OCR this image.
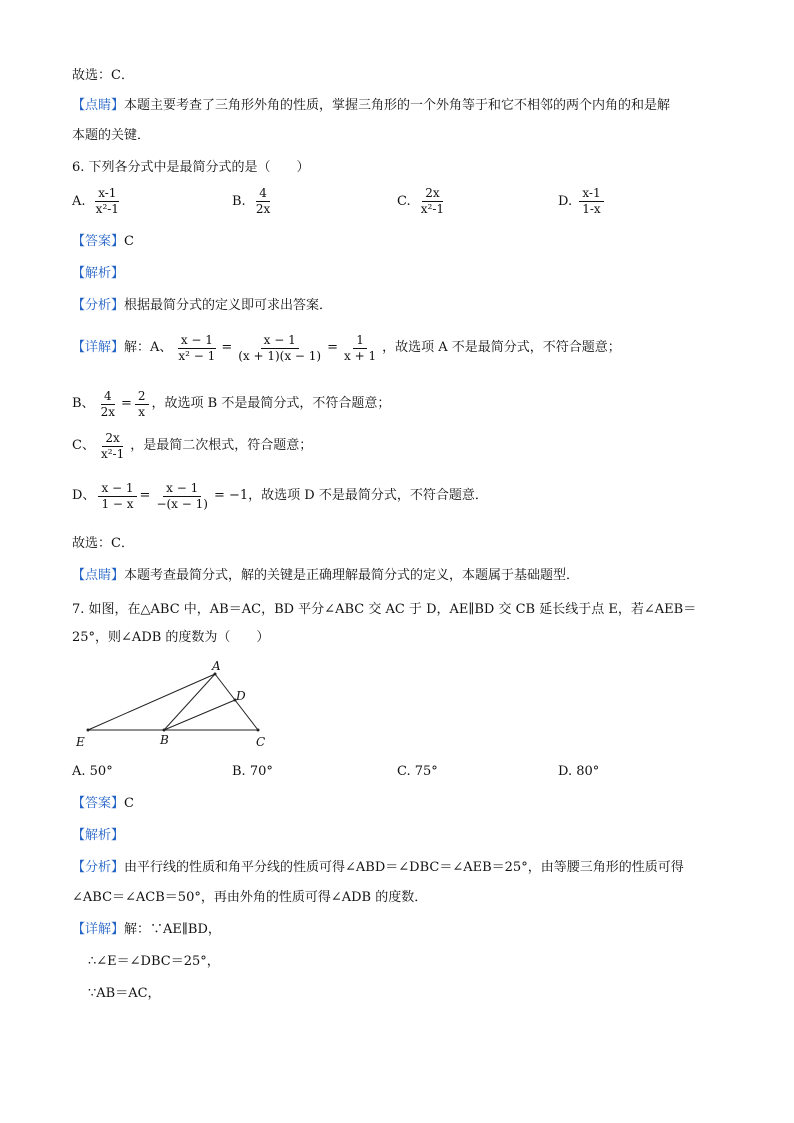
故选：C．
【点睛】本题主要考查了三角形外角的性质，掌握三角形的一个外角等于和它不相邻的两个内角的和是解
本题的关键．
6. 下列各分式中是最简分式的是（　　）
A. $\frac{x-1}{\text{x²-1}}$	B. $\frac{4}{2x}$	C. $\frac{2x}{\text{x²-1}}$	D. $\frac{x-1}{1-x}$
【答案】C
【解析】
【分析】根据最简分式的定义即可求出答案．
【详解】解：A、 $\frac{x - 1}{\text{x² − 1}} = \frac{x - 1}{(x + 1)(x - 1)} = \frac{1}{x + 1}$ ，故选项 A 不是最简分式，不符合题意；
B、 $\frac{4}{2x} = \frac{2}{x}$ ，故选项 B 不是最简分式，不符合题意；
C、 $\frac{2x}{\text{x²-1}}$ ，是最简二次根式，符合题意；
D、 $\frac{x - 1}{1 - x} = \frac{x - 1}{-(x - 1)} = -1$，故选项 D 不是最简分式，不符合题意．
故选：C．
【点睛】本题考查最简分式，解的关键是正确理解最简分式的定义，本题属于基础题型．
7. 如图，在△ABC 中，AB＝AC，BD 平分∠ABC 交 AC 于 D，AE∥BD 交 CB 延长线于点 E，若∠AEB＝
25°，则∠ADB 的度数为（　　）
A
D
E	B	C
A. 50°	B. 70°	C. 75°	D. 80°
【答案】C
【解析】
【分析】由平行线的性质和角平分线的性质可得∠ABD＝∠DBC＝∠AEB＝25°，由等腰三角形的性质可得
∠ABC＝∠ACB＝50°，再由外角的性质可得∠ADB 的度数．
【详解】解：∵AE∥BD，
∴∠E＝∠DBC＝25°，
∵AB＝AC，
